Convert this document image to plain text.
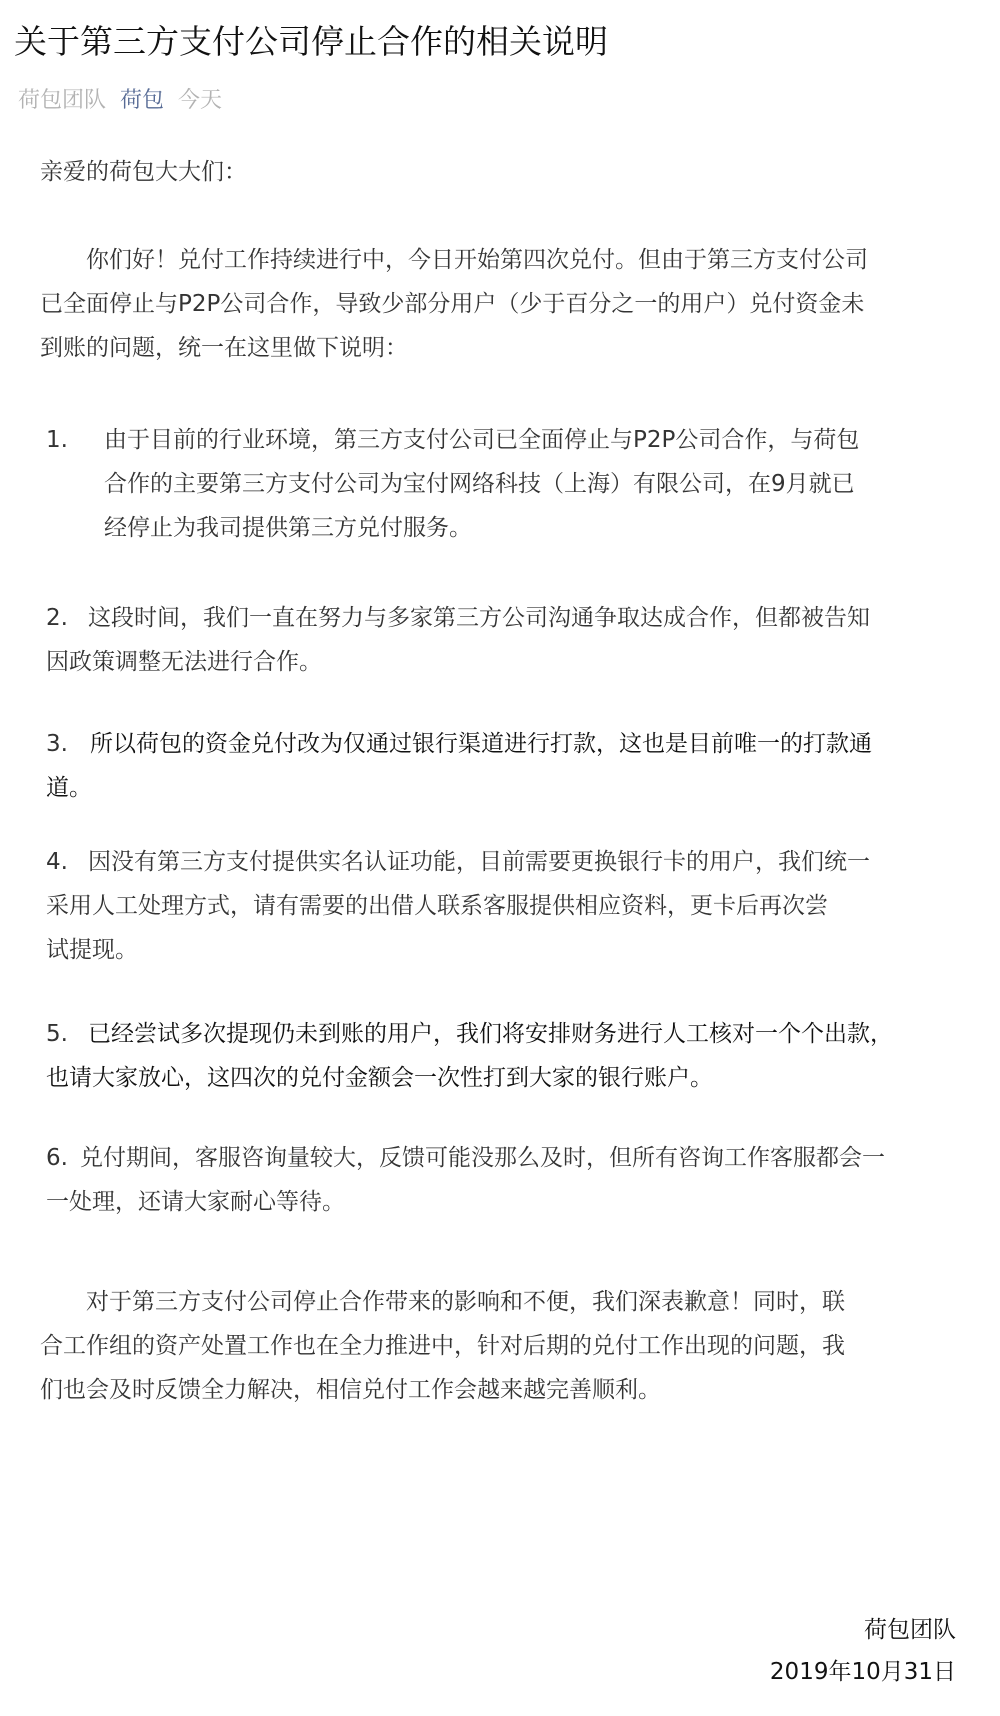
关于第三方支付公司停止合作的相关说明
荷包团队 荷包 今天
亲爱的荷包大大们：
你们好！兑付工作持续进行中，今日开始第四次兑付。但由于第三方支付公司
已全面停止与P2P公司合作，导致少部分用户（少于百分之一的用户）兑付资金未
到账的问题，统一在这里做下说明：
1.	由于目前的行业环境，第三方支付公司已全面停止与P2P公司合作，与荷包
合作的主要第三方支付公司为宝付网络科技（上海）有限公司，在9月就已
经停止为我司提供第三方兑付服务。
2. 这段时间，我们一直在努力与多家第三方公司沟通争取达成合作，但都被告知
因政策调整无法进行合作。
3. 所以荷包的资金兑付改为仅通过银行渠道进行打款，这也是目前唯一的打款通
道。
4. 因没有第三方支付提供实名认证功能，目前需要更换银行卡的用户，我们统一
采用人工处理方式，请有需要的出借人联系客服提供相应资料，更卡后再次尝
试提现。
5. 已经尝试多次提现仍未到账的用户，我们将安排财务进行人工核对一个个出款，
也请大家放心，这四次的兑付金额会一次性打到大家的银行账户。
6. 兑付期间，客服咨询量较大，反馈可能没那么及时，但所有咨询工作客服都会一
一处理，还请大家耐心等待。
对于第三方支付公司停止合作带来的影响和不便，我们深表歉意！同时，联
合工作组的资产处置工作也在全力推进中，针对后期的兑付工作出现的问题，我
们也会及时反馈全力解决，相信兑付工作会越来越完善顺利。
荷包团队
2019年10月31日
